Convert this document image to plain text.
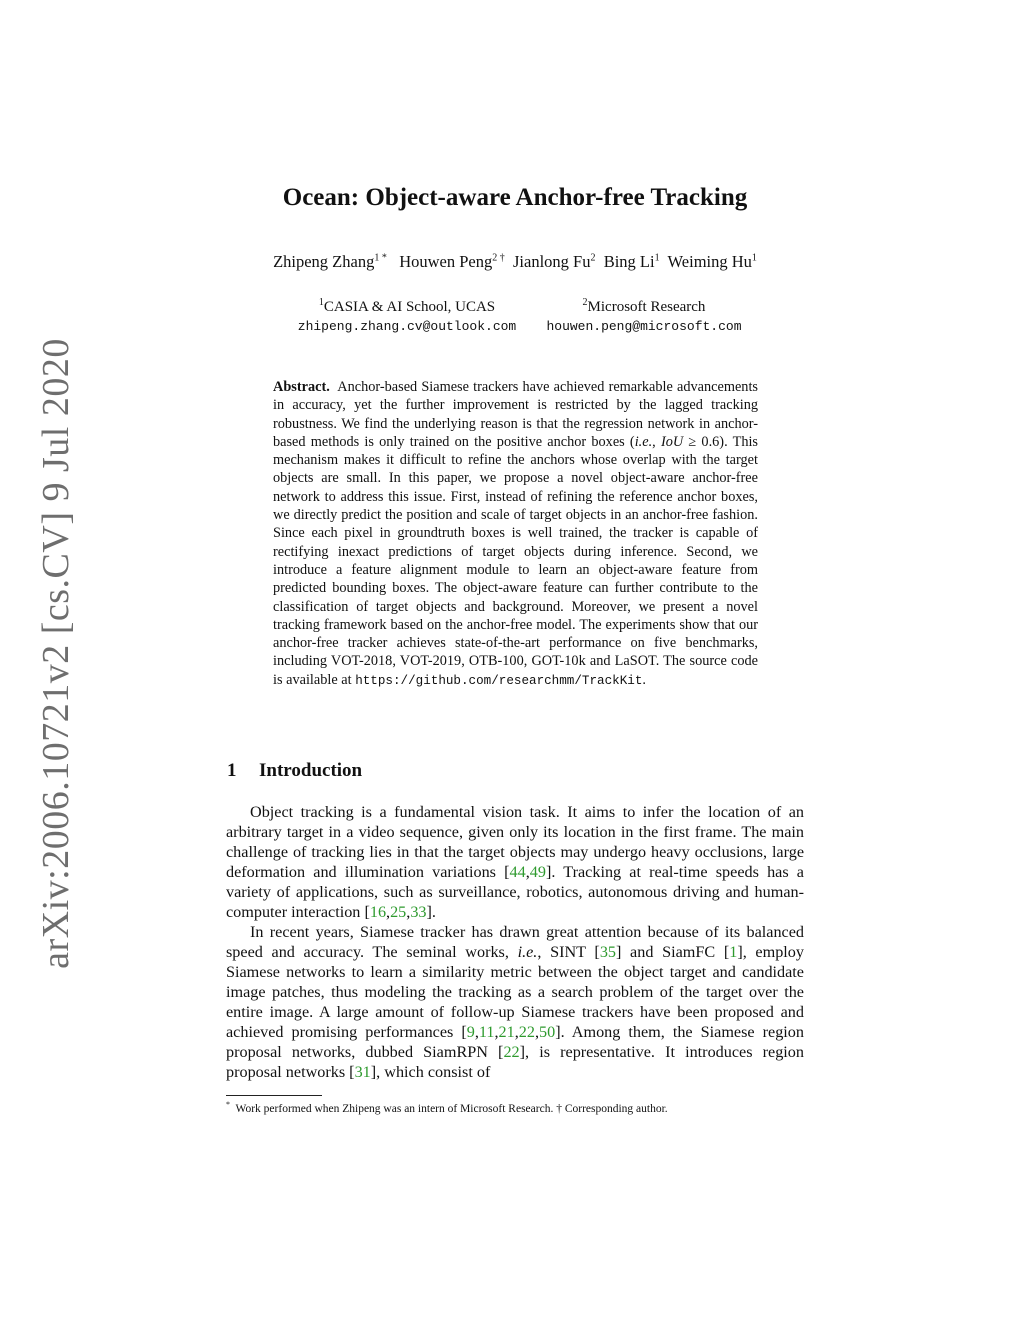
arXiv:2006.10721v2 [cs.CV] 9 Jul 2020
Ocean: Object-aware Anchor-free Tracking
Zhipeng Zhang$^{1 *}$ Houwen Peng$^{2 \dagger}$ Jianlong Fu$^2$ Bing Li$^1$ Weiming Hu$^1$
$^1$CASIA & AI School, UCAS
zhipeng.zhang.cv@outlook.com
$^2$Microsoft Research
houwen.peng@microsoft.com
Abstract. Anchor-based Siamese trackers have achieved remarkable advancements in accuracy, yet the further improvement is restricted by the lagged tracking robustness. We find the underlying reason is that the regression network in anchor-based methods is only trained on the positive anchor boxes (i.e., IoU ≥ 0.6). This mechanism makes it difficult to refine the anchors whose overlap with the target objects are small. In this paper, we propose a novel object-aware anchor-free network to address this issue. First, instead of refining the reference anchor boxes, we directly predict the position and scale of target objects in an anchor-free fashion. Since each pixel in groundtruth boxes is well trained, the tracker is capable of rectifying inexact predictions of target objects during inference. Second, we introduce a feature alignment module to learn an object-aware feature from predicted bounding boxes. The object-aware feature can further contribute to the classification of target objects and background. Moreover, we present a novel tracking framework based on the anchor-free model. The experiments show that our anchor-free tracker achieves state-of-the-art performance on five benchmarks, including VOT-2018, VOT-2019, OTB-100, GOT-10k and LaSOT. The source code is available at https://github.com/researchmm/TrackKit.
1 Introduction

Object tracking is a fundamental vision task. It aims to infer the location of an arbitrary target in a video sequence, given only its location in the first frame. The main challenge of tracking lies in that the target objects may undergo heavy occlusions, large deformation and illumination variations [44,49]. Tracking at real-time speeds has a variety of applications, such as surveillance, robotics, autonomous driving and human-computer interaction [16,25,33].

In recent years, Siamese tracker has drawn great attention because of its balanced speed and accuracy. The seminal works, i.e., SINT [35] and SiamFC [1], employ Siamese networks to learn a similarity metric between the object target and candidate image patches, thus modeling the tracking as a search problem of the target over the entire image. A large amount of follow-up Siamese trackers have been proposed and achieved promising performances [9,11,21,22,50]. Among them, the Siamese region proposal networks, dubbed SiamRPN [22], is representative. It introduces region proposal networks [31], which consist of

* Work performed when Zhipeng was an intern of Microsoft Research. † Corresponding author.
